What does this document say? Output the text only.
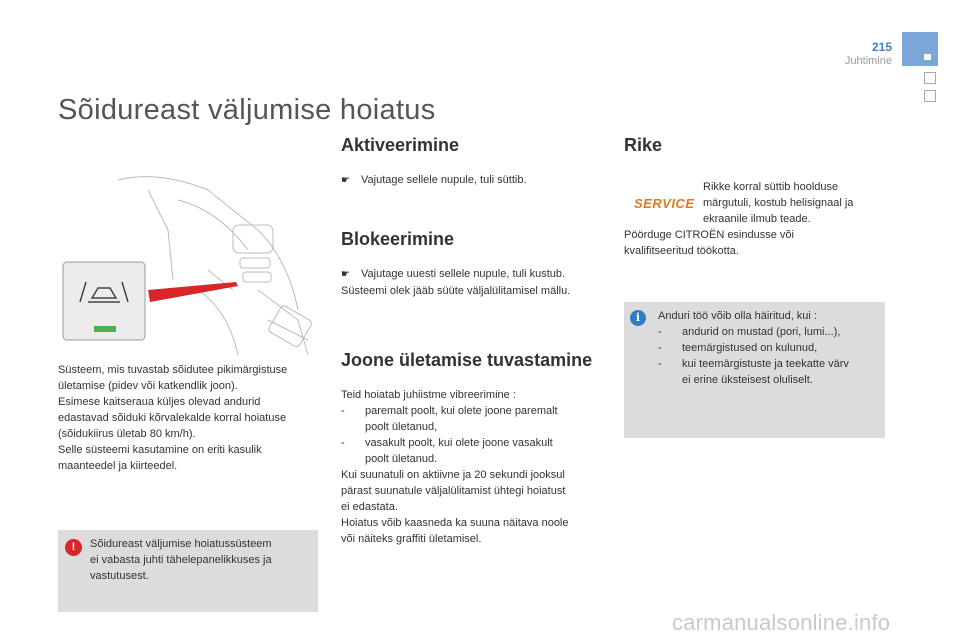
215
Juhtimine
Sõidureast väljumise hoiatus
Süsteem, mis tuvastab sõidutee pikimärgistuse
ületamise (pidev või katkendlik joon).
Esimese kaitseraua küljes olevad andurid
edastavad sõiduki kõrvalekalde korral hoiatuse
(sõidukiirus ületab 80 km/h).
Selle süsteemi kasutamine on eriti kasulik
maanteedel ja kiirteedel.
!	Sõidureast väljumise hoiatussüsteem
ei vabasta juhti tähelepanelikkuses ja
vastutusest.
Aktiveerimine
☛ Vajutage sellele nupule, tuli süttib.
Blokeerimine
☛ Vajutage uuesti sellele nupule, tuli kustub.
Süsteemi olek jääb süüte väljalülitamisel mällu.
Joone ületamise tuvastamine
Teid hoiatab juhiistme vibreerimine :
- paremalt poolt, kui olete joone paremalt
poolt ületanud,
- vasakult poolt, kui olete joone vasakult
poolt ületanud.
Kui suunatuli on aktiivne ja 20 sekundi jooksul
pärast suunatule väljalülitamist ühtegi hoiatust
ei edastata.
Hoiatus võib kaasneda ka suuna näitava noole
või näiteks graffiti ületamisel.
Rike
SERVICE
Rikke korral süttib hoolduse
märgutuli, kostub helisignaal ja
ekraanile ilmub teade.
Pöörduge CITROËN esindusse või
kvalifitseeritud töökotta.
i	Anduri töö võib olla häiritud, kui :
- andurid on mustad (pori, lumi...),
- teemärgistused on kulunud,
- kui teemärgistuste ja teekatte värv
ei erine üksteisest oluliselt.
carmanualsonline.info
